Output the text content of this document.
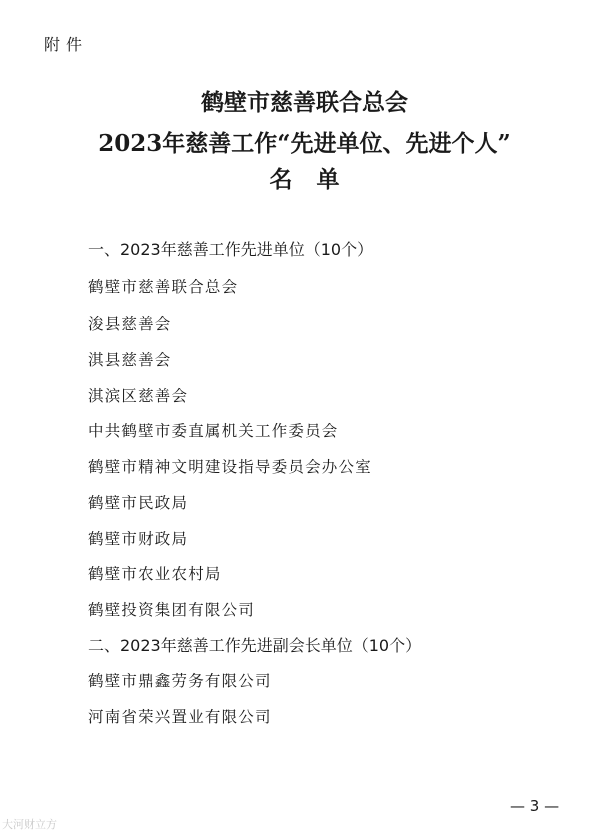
附件
鹤壁市慈善联合总会
2023年慈善工作“先进单位、先进个人”
名单
一、2023年慈善工作先进单位（10个）
鹤壁市慈善联合总会
浚县慈善会
淇县慈善会
淇滨区慈善会
中共鹤壁市委直属机关工作委员会
鹤壁市精神文明建设指导委员会办公室
鹤壁市民政局
鹤壁市财政局
鹤壁市农业农村局
鹤壁投资集团有限公司
二、2023年慈善工作先进副会长单位（10个）
鹤壁市鼎鑫劳务有限公司
河南省荣兴置业有限公司
— 3 —
大河财立方
